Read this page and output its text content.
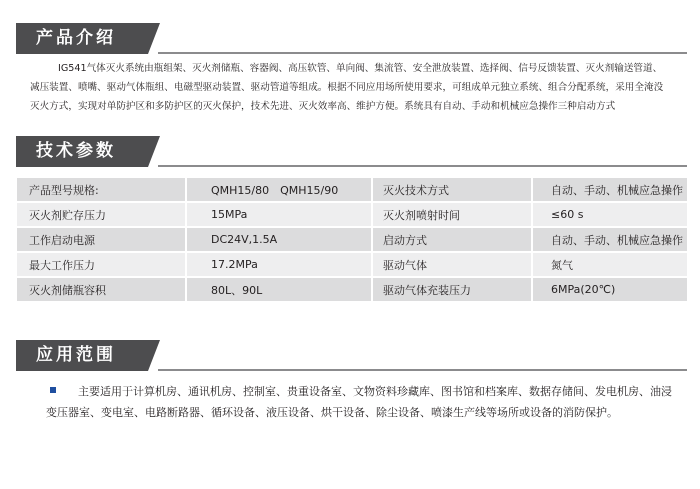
产品介绍

IG541气体灭火系统由瓶组架、灭火剂储瓶、容器阀、高压软管、单向阀、集流管、安全泄放装置、选择阀、信号反馈装置、灭火剂输送管道、减压装置、喷嘴、驱动气体瓶组、电磁型驱动装置、驱动管道等组成。根据不同应用场所使用要求，可组成单元独立系统、组合分配系统，采用全淹没灭火方式，实现对单防护区和多防护区的灭火保护，技术先进、灭火效率高、维护方便。系统具有自动、手动和机械应急操作三种启动方式

技术参数
产品型号规格:	QMH15/80　QMH15/90	灭火技术方式	自动、手动、机械应急操作
灭火剂贮存压力	15MPa	灭火剂喷射时间	≤60 s
工作启动电源	DC24V,1.5A	启动方式	自动、手动、机械应急操作
最大工作压力	17.2MPa	驱动气体	氮气
灭火剂储瓶容积	80L、90L	驱动气体充装压力	6MPa(20℃)
应用范围

主要适用于计算机房、通讯机房、控制室、贵重设备室、文物资料珍藏库、图书馆和档案库、数据存储间、发电机房、油浸变压器室、变电室、电路断路器、循环设备、液压设备、烘干设备、除尘设备、喷漆生产线等场所或设备的消防保护。
